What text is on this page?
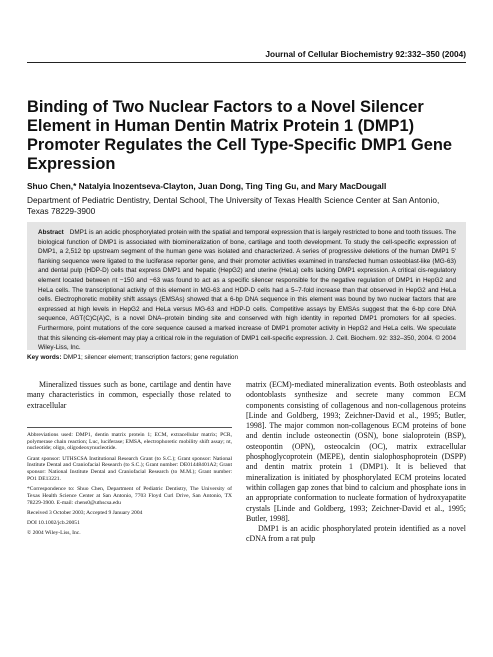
Journal of Cellular Biochemistry 92:332–350 (2004)
Binding of Two Nuclear Factors to a Novel Silencer Element in Human Dentin Matrix Protein 1 (DMP1) Promoter Regulates the Cell Type-Specific DMP1 Gene Expression
Shuo Chen,* Natalyia Inozentseva-Clayton, Juan Dong, Ting Ting Gu, and Mary MacDougall
Department of Pediatric Dentistry, Dental School, The University of Texas Health Science Center at San Antonio, Texas 78229-3900

Abstract DMP1 is an acidic phosphorylated protein with the spatial and temporal expression that is largely restricted to bone and tooth tissues. The biological function of DMP1 is associated with biomineralization of bone, cartilage and tooth development. To study the cell-specific expression of DMP1, a 2,512 bp upstream segment of the human gene was isolated and characterized. A series of progressive deletions of the human DMP1 5′ flanking sequence were ligated to the luciferase reporter gene, and their promoter activities examined in transfected human osteoblast-like (MG-63) and dental pulp (HDP-D) cells that express DMP1 and hepatic (HepG2) and uterine (HeLa) cells lacking DMP1 expression. A critical cis-regulatory element located between nt −150 and −63 was found to act as a specific silencer responsible for the negative regulation of DMP1 in HepG2 and HeLa cells. The transcriptional activity of this element in MG-63 and HDP-D cells had a 5–7-fold increase than that observed in HepG2 and HeLa cells. Electrophoretic mobility shift assays (EMSAs) showed that a 6-bp DNA sequence in this element was bound by two nuclear factors that are expressed at high levels in HepG2 and HeLa versus MG-63 and HDP-D cells. Competitive assays by EMSAs suggest that the 6-bp core DNA sequence, AGT(C)C(A)C, is a novel DNA–protein binding site and conserved with high identity in reported DMP1 promoters for all species. Furthermore, point mutations of the core sequence caused a marked increase of DMP1 promoter activity in HepG2 and HeLa cells. We speculate that this silencing cis-element may play a critical role in the regulation of DMP1 cell-specific expression. J. Cell. Biochem. 92: 332–350, 2004. © 2004 Wiley-Liss, Inc.

Key words: DMP1; silencer element; transcription factors; gene regulation

Mineralized tissues such as bone, cartilage and dentin have many characteristics in common, especially those related to extracellular

Abbreviations used: DMP1, dentin matrix protein 1; ECM, extracellular matrix; PCR, polymerase chain reaction; Luc, luciferase; EMSA, electrophoretic mobility shift assay; nt, nucleotide; oligo, oligodeoxynucleotide.

Grant sponsor: UTHSCSA Institutional Research Grant (to S.C.); Grant sponsor: National Institute Dental and Craniofacial Research (to S.C.); Grant number: DE01448401A2; Grant sponsor: National Institute Dental and Craniofacial Research (to M.M.); Grant number: PO1 DE13221.

*Correspondence to: Shuo Chen, Department of Pediatric Dentistry, The University of Texas Health Science Center at San Antonio, 7703 Floyd Curl Drive, San Antonio, TX 78229-3900. E-mail: chens0@uthscsa.edu

Received 3 October 2003; Accepted 9 January 2004

DOI 10.1002/jcb.20051

© 2004 Wiley-Liss, Inc.

matrix (ECM)-mediated mineralization events. Both osteoblasts and odontoblasts synthesize and secrete many common ECM components consisting of collagenous and non-collagenous proteins [Linde and Goldberg, 1993; Zeichner-David et al., 1995; Butler, 1998]. The major common non-collagenous ECM proteins of bone and dentin include osteonectin (OSN), bone sialoprotein (BSP), osteopontin (OPN), osteocalcin (OC), matrix extracellular phosphoglycoprotein (MEPE), dentin sialophosphoprotein (DSPP) and dentin matrix protein 1 (DMP1). It is believed that mineralization is initiated by phosphorylated ECM proteins located within collagen gap zones that bind to calcium and phosphate ions in an appropriate conformation to nucleate formation of hydroxyapatite crystals [Linde and Goldberg, 1993; Zeichner-David et al., 1995; Butler, 1998].

DMP1 is an acidic phosphorylated protein identified as a novel cDNA from a rat pulp
